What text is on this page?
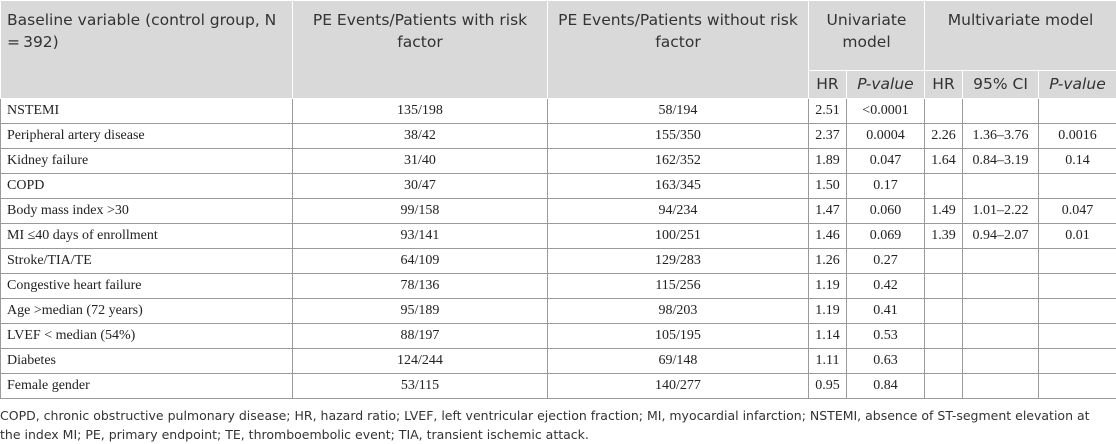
Baseline variable (control group, N = 392)	PE Events/Patients with risk factor	PE Events/Patients without risk factor	Univariate model		Multivariate model		
			HR	P-value	HR	95% CI	P-value
NSTEMI	135/198	58/194	2.51	<0.0001			
Peripheral artery disease	38/42	155/350	2.37	0.0004	2.26	1.36–3.76	0.0016
Kidney failure	31/40	162/352	1.89	0.047	1.64	0.84–3.19	0.14
COPD	30/47	163/345	1.50	0.17			
Body mass index >30	99/158	94/234	1.47	0.060	1.49	1.01–2.22	0.047
MI ≤40 days of enrollment	93/141	100/251	1.46	0.069	1.39	0.94–2.07	0.01
Stroke/TIA/TE	64/109	129/283	1.26	0.27			
Congestive heart failure	78/136	115/256	1.19	0.42			
Age >median (72 years)	95/189	98/203	1.19	0.41			
LVEF < median (54%)	88/197	105/195	1.14	0.53			
Diabetes	124/244	69/148	1.11	0.63			
Female gender	53/115	140/277	0.95	0.84			
COPD, chronic obstructive pulmonary disease; HR, hazard ratio; LVEF, left ventricular ejection fraction; MI, myocardial infarction; NSTEMI, absence of ST-segment elevation at the index MI; PE, primary endpoint; TE, thromboembolic event; TIA, transient ischemic attack.
